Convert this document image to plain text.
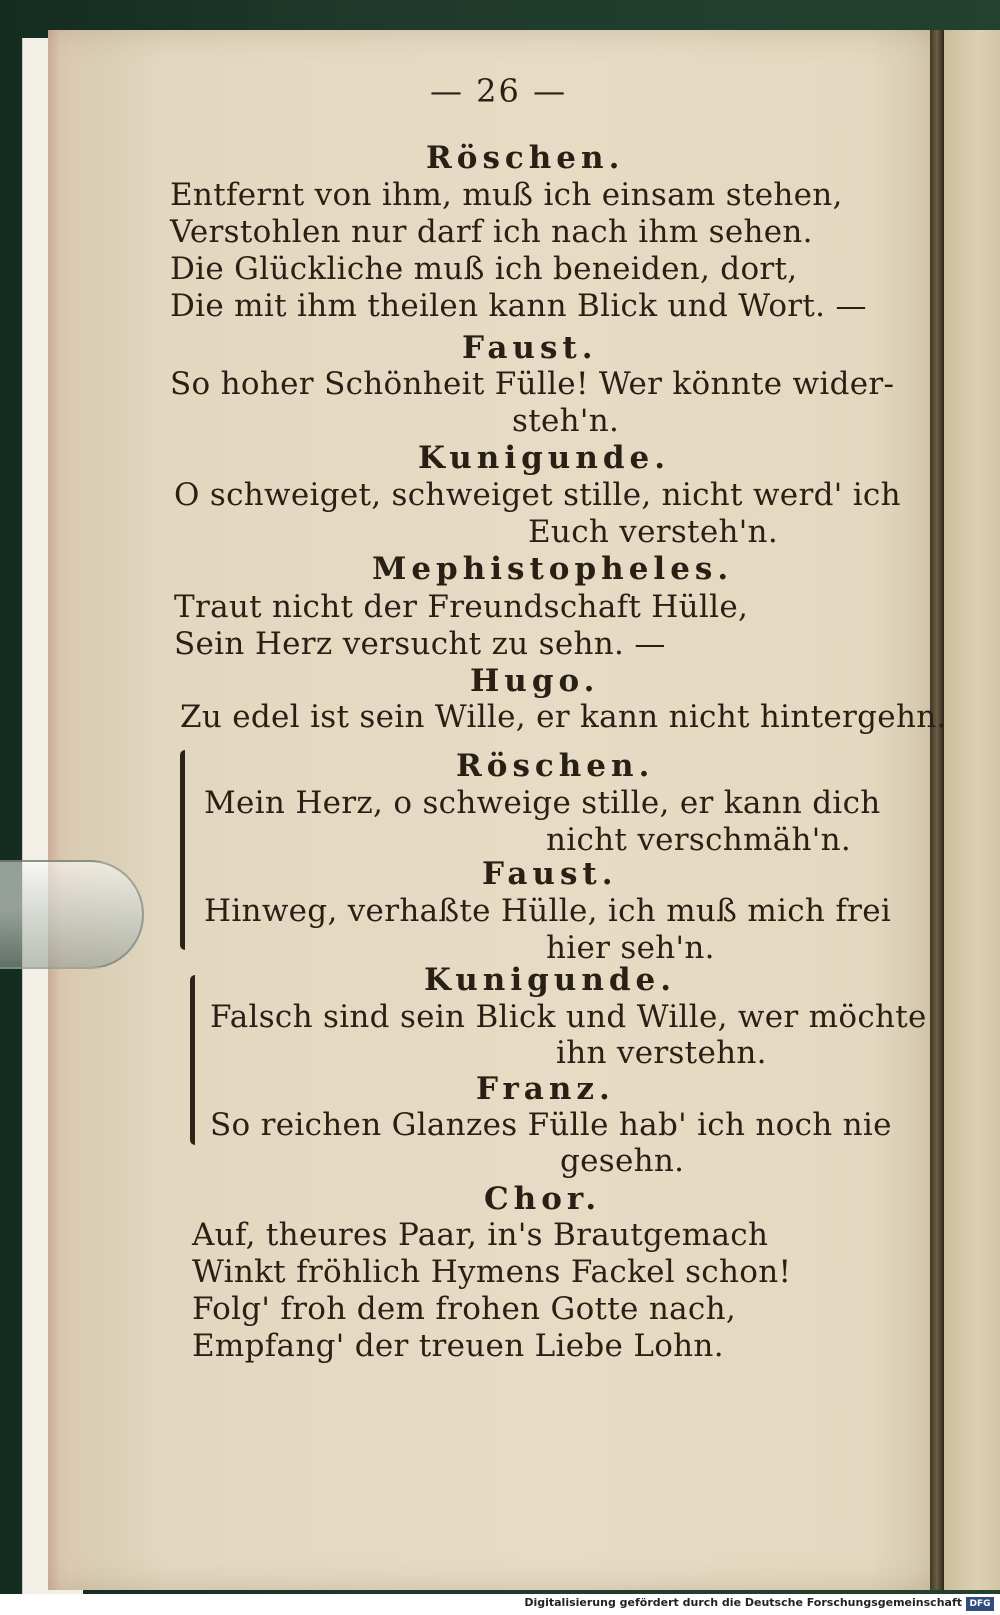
— 26 —
Röschen.
Entfernt von ihm, muß ich einsam stehen,
Verstohlen nur darf ich nach ihm sehen.
Die Glückliche muß ich beneiden, dort,
Die mit ihm theilen kann Blick und Wort. —
Faust.
So hoher Schönheit Fülle! Wer könnte wider-
steh'n.
Kunigunde.
O schweiget, schweiget stille, nicht werd' ich
Euch versteh'n.
Mephistopheles.
Traut nicht der Freundschaft Hülle,
Sein Herz versucht zu sehn. —
Hugo.
Zu edel ist sein Wille, er kann nicht hintergehn.
Röschen.
Mein Herz, o schweige stille, er kann dich
nicht verschmäh'n.
Faust.
Hinweg, verhaßte Hülle, ich muß mich frei
hier seh'n.
Kunigunde.
Falsch sind sein Blick und Wille, wer möchte
ihn verstehn.
Franz.
So reichen Glanzes Fülle hab' ich noch nie
gesehn.
Chor.
Auf, theures Paar, in's Brautgemach
Winkt fröhlich Hymens Fackel schon!
Folg' froh dem frohen Gotte nach,
Empfang' der treuen Liebe Lohn.
Digitalisierung gefördert durch die Deutsche Forschungsgemeinschaft DFG
